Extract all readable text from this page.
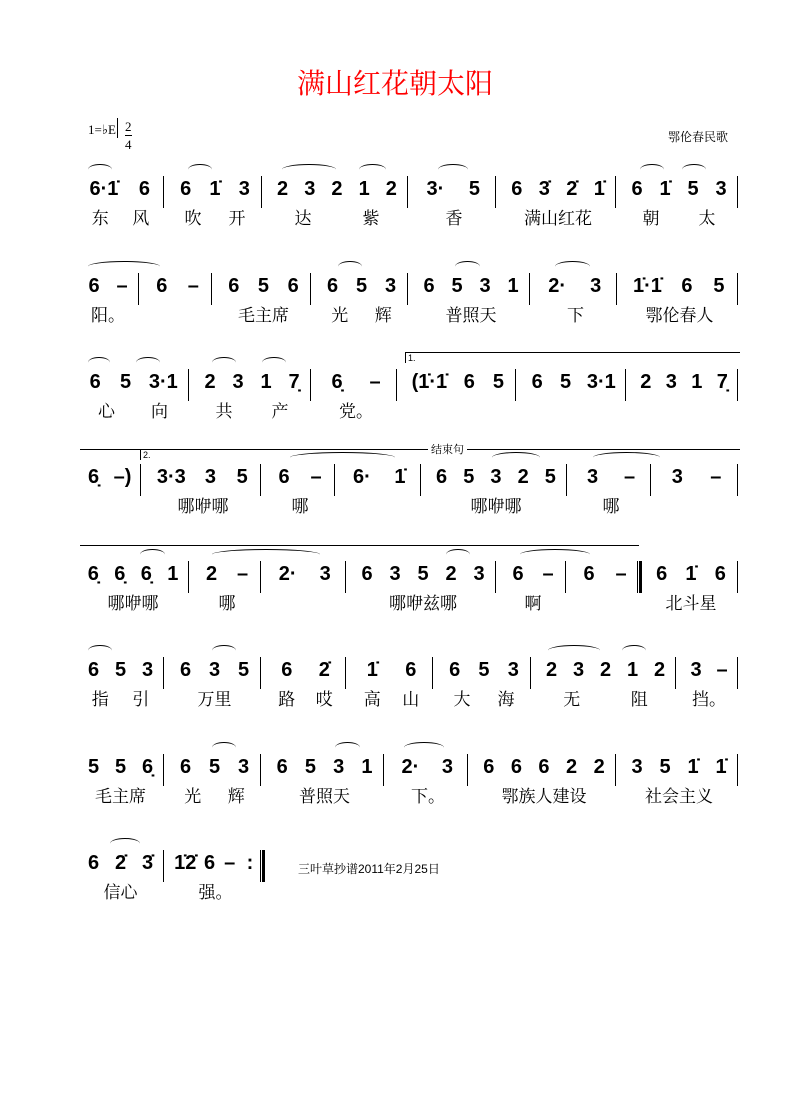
满山红花朝太阳
1=♭E 2
4	鄂伦春民歌
1.
2.	结束句
三叶草抄谱2011年2月25日
6·1̇ 6
东 风
6 1̇ 3
吹 开
2 3 2 1 2
达	紫
3· 5
香
6 3̇ 2̇ 1̇
满山红花
6 1̇ 5 3
朝 太
6 –
阳。
6 – 6 5 6
毛主席
6 5 3
光 辉
6 5 3 1
普照天
2· 3
下
1̇·1̇ 6 5
鄂伦春人
6 5 3·1
心 向
2 3 1 7̣
共 产
6̣ –
党。
(1̇·1̇ 6 5 6 5 3·1 2 3 1 7̣
6̣ –) 3·3 3 5
哪咿哪
6 –
哪
6· 1̇ 6 5 3 2 5
哪咿哪
3 –
哪
3 –
6̣ 6̣ 6̣ 1
哪咿哪
2 –
哪
2· 3 6 3 5 2 3
哪咿兹哪
6 –
啊
6 – 6 1̇ 6
北斗星
6 5 3
指 引
6 3 5
万里
6 2̇
路 哎
1̇ 6
高 山
6 5 3
大 海
2 3 2 1 2
无	阻
3 –
挡。
5 5 6̣
毛主席
6 5 3
光 辉
6 5 3 1
普照天
2· 3
下。
6 6 6 2 2
鄂族人建设
3 5 1̇ 1̇
社会主义
6 2̇ 3̇
信心
1̇2̇ 6 – :
强。
